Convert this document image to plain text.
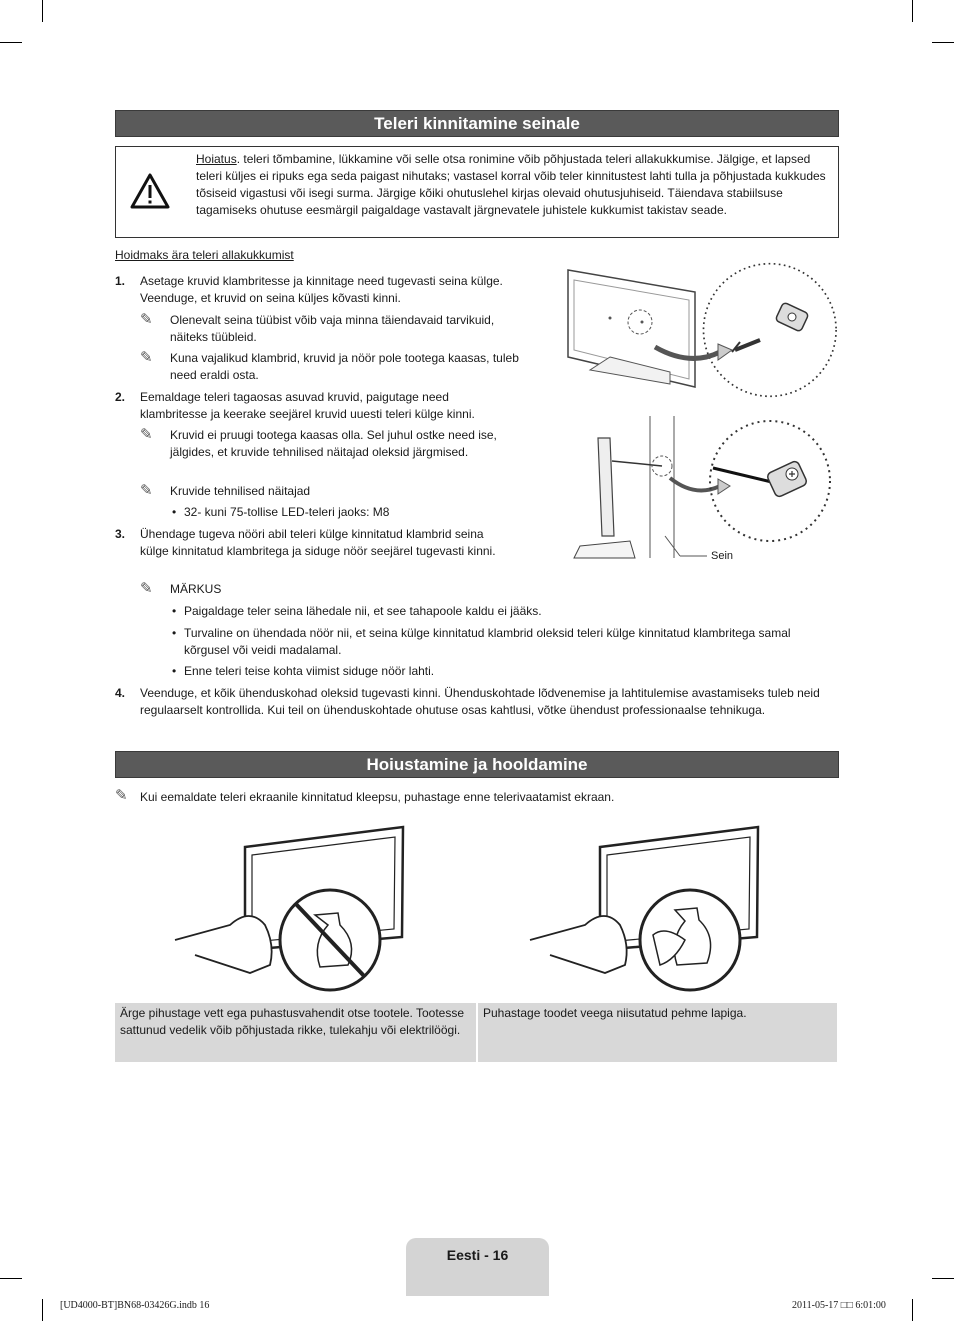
Teleri kinnitamine seinale
Hoiatus. teleri tõmbamine, lükkamine või selle otsa ronimine võib põhjustada teleri allakukkumise. Jälgige, et lapsed teleri küljes ei ripuks ega seda paigast nihutaks; vastasel korral võib teler kinnitustest lahti tulla ja põhjustada kukkudes tõsiseid vigastusi või isegi surma. Järgige kõiki ohutuslehel kirjas olevaid ohutusjuhiseid. Täiendava stabiilsuse tagamiseks ohutuse eesmärgil paigaldage vastavalt järgnevatele juhistele kukkumist takistav seade.
Hoidmaks ära teleri allakukkumist
1. Asetage kruvid klambritesse ja kinnitage need tugevasti seina külge. Veenduge, et kruvid on seina küljes kõvasti kinni.
✎ Olenevalt seina tüübist võib vaja minna täiendavaid tarvikuid, näiteks tüübleid.
✎ Kuna vajalikud klambrid, kruvid ja nöör pole tootega kaasas, tuleb need eraldi osta.
2. Eemaldage teleri tagaosas asuvad kruvid, paigutage need klambritesse ja keerake seejärel kruvid uuesti teleri külge kinni.
✎ Kruvid ei pruugi tootega kaasas olla. Sel juhul ostke need ise, jälgides, et kruvide tehnilised näitajad oleksid järgmised.
✎ Kruvide tehnilised näitajad
• 32- kuni 75-tollise LED-teleri jaoks: M8
3. Ühendage tugeva nööri abil teleri külge kinnitatud klambrid seina külge kinnitatud klambritega ja siduge nöör seejärel tugevasti kinni.
✎ MÄRKUS
• Paigaldage teler seina lähedale nii, et see tahapoole kaldu ei jääks.
• Turvaline on ühendada nöör nii, et seina külge kinnitatud klambrid oleksid teleri külge kinnitatud klambritega samal kõrgusel või veidi madalamal.
• Enne teleri teise kohta viimist siduge nöör lahti.
4. Veenduge, et kõik ühenduskohad oleksid tugevasti kinni. Ühenduskohtade lõdvenemise ja lahtitulemise avastamiseks tuleb neid regulaarselt kontrollida. Kui teil on ühenduskohtade ohutuse osas kahtlusi, võtke ühendust professionaalse tehnikuga.
Sein
Hoiustamine ja hooldamine
✎ Kui eemaldate teleri ekraanile kinnitatud kleepsu, puhastage enne telerivaatamist ekraan.
Ärge pihustage vett ega puhastusvahendit otse tootele. Tootesse sattunud vedelik võib põhjustada rikke, tulekahju või elektrilöögi.
Puhastage toodet veega niisutatud pehme lapiga.
Eesti - 16
[UD4000-BT]BN68-03426G.indb 16	2011-05-17 □□ 6:01:00
